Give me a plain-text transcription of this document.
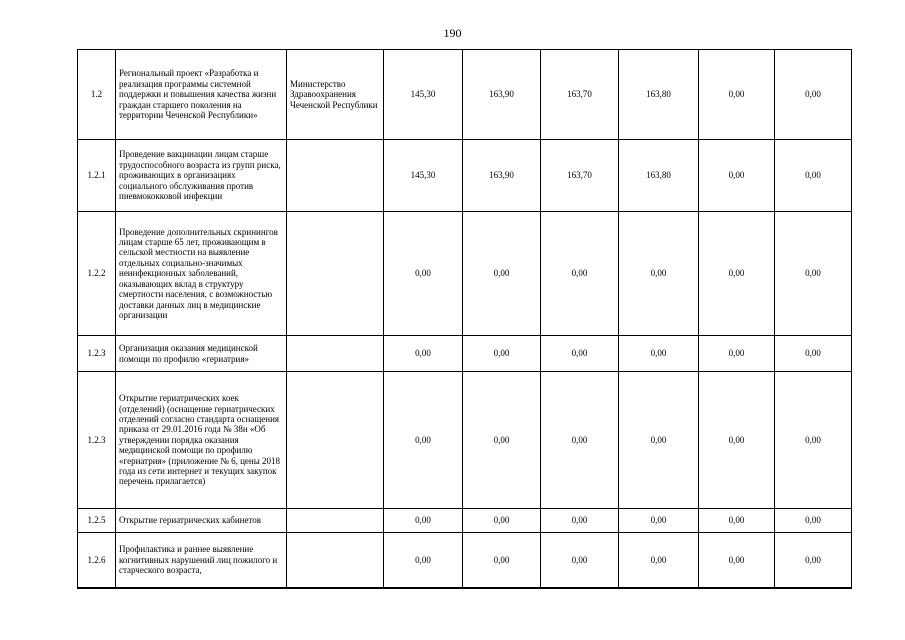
190
1.2	Региональный проект «Разработка и реализация программы системной поддержки и повышения качества жизни граждан старшего поколения на территории Чеченской Республики»	Министерство Здравоохранения Чеченской Республики	145,30	163,90	163,70	163,80	0,00	0,00
1.2.1	Проведение вакцинации лицам старше трудоспособного возраста из групп риска, проживающих в организациях социального обслуживания против пневмококковой инфекции		145,30	163,90	163,70	163,80	0,00	0,00
1.2.2	Проведение дополнительных скринингов лицам старше 65 лет, проживающим в сельской местности на выявление отдельных социально-значимых неинфекционных заболеваний, оказывающих вклад в структуру смертности населения, с возможностью доставки данных лиц в медицинские организации		0,00	0,00	0,00	0,00	0,00	0,00
1.2.3	Организация оказания медицинской помощи по профилю «гериатрия»		0,00	0,00	0,00	0,00	0,00	0,00
1.2.3	Открытие гериатрических коек (отделений) (оснащение гериатрических отделений согласно стандарта оснащения приказа от 29.01.2016 года № 38н «Об утверждении порядка оказания медицинской помощи по профилю «гериатрия» (приложение № 6, цены 2018 года из сети интернет и текущих закупок перечень прилагается)		0,00	0,00	0,00	0,00	0,00	0,00
1.2.5	Открытие гериатрических кабинетов		0,00	0,00	0,00	0,00	0,00	0,00
1.2.6	Профилактика и раннее выявление когнитивных нарушений лиц пожилого и старческого возраста,		0,00	0,00	0,00	0,00	0,00	0,00
